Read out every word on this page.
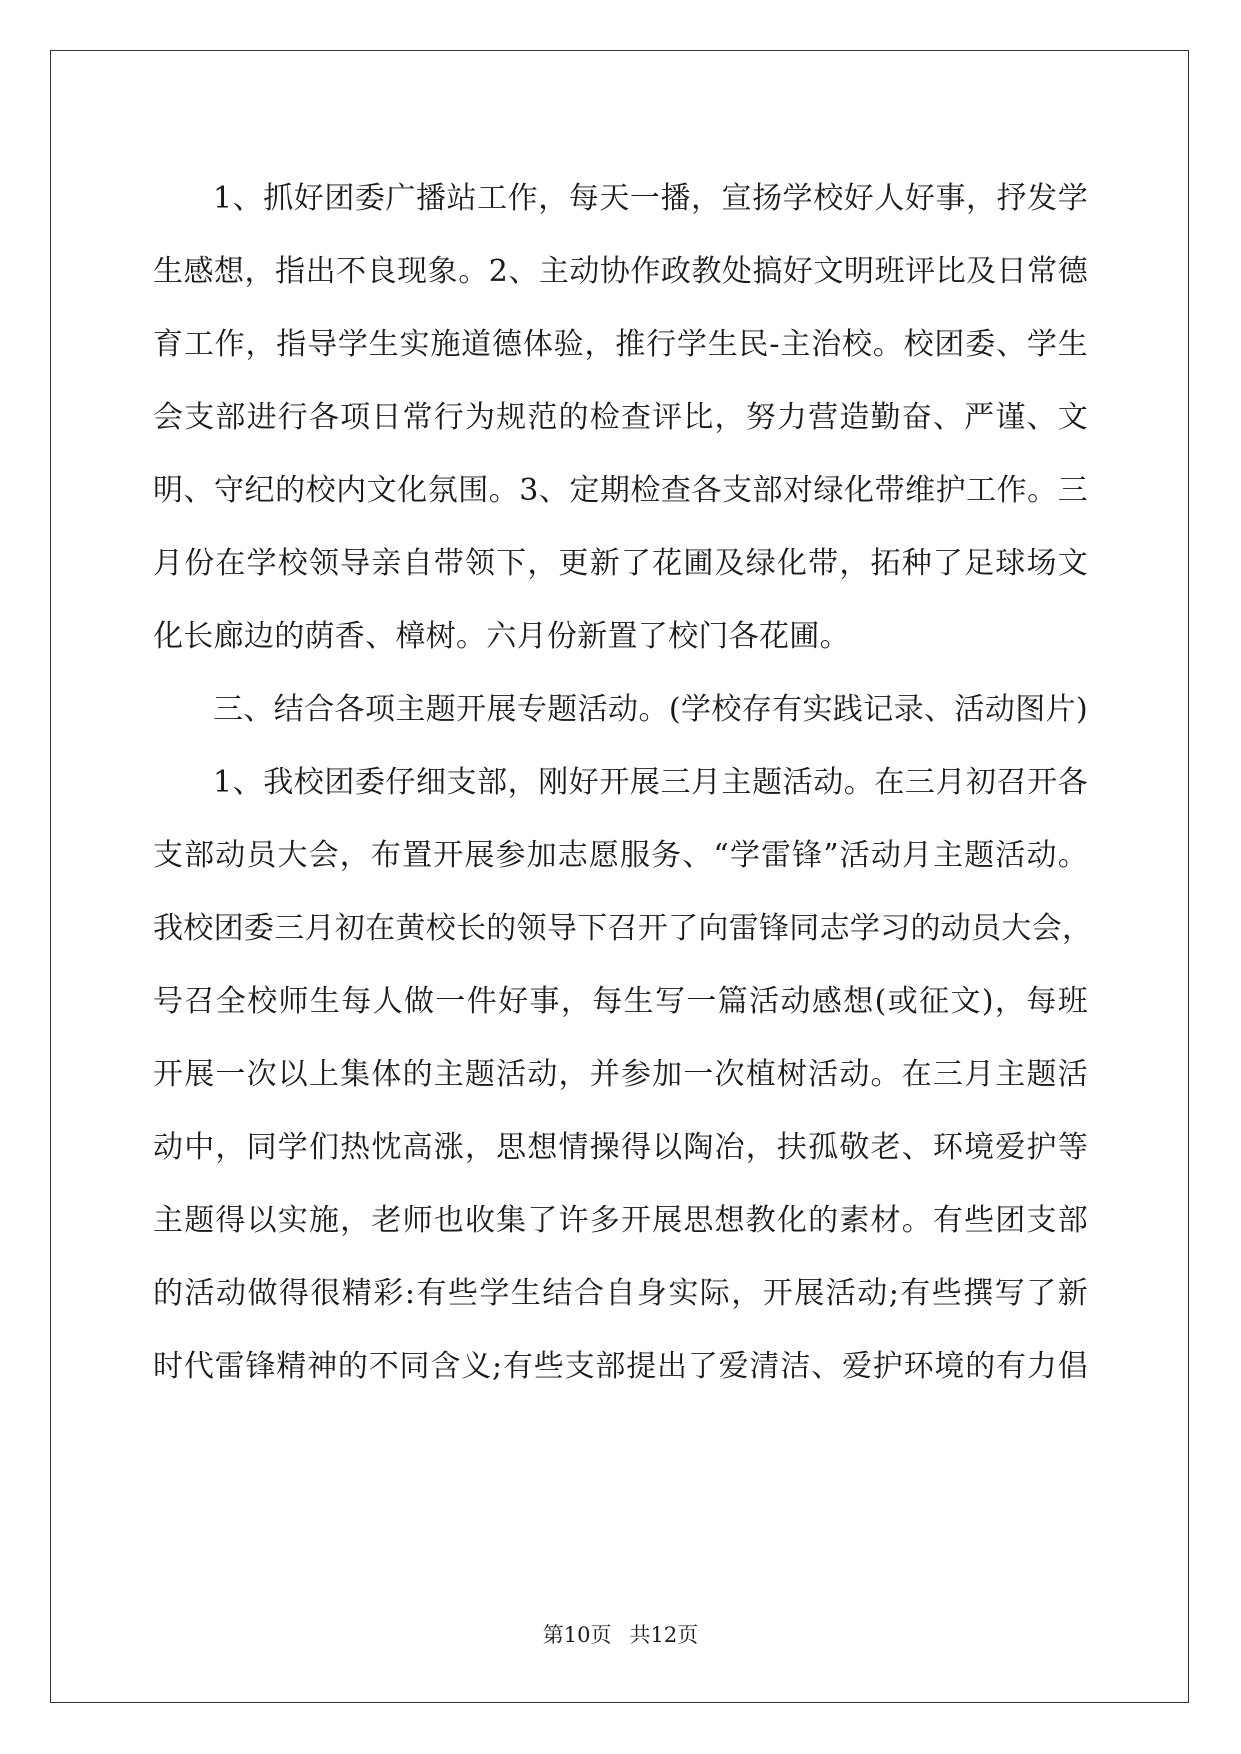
1、抓好团委广播站工作，每天一播，宣扬学校好人好事，抒发学
生感想，指出不良现象。2、主动协作政教处搞好文明班评比及日常德
育工作，指导学生实施道德体验，推行学生民-主治校。校团委、学生
会支部进行各项日常行为规范的检查评比，努力营造勤奋、严谨、文
明、守纪的校内文化氛围。3、定期检查各支部对绿化带维护工作。三
月份在学校领导亲自带领下，更新了花圃及绿化带，拓种了足球场文
化长廊边的荫香、樟树。六月份新置了校门各花圃。
三、结合各项主题开展专题活动。(学校存有实践记录、活动图片)
1、我校团委仔细支部，刚好开展三月主题活动。在三月初召开各
支部动员大会，布置开展参加志愿服务、“学雷锋”活动月主题活动。
我校团委三月初在黄校长的领导下召开了向雷锋同志学习的动员大会，
号召全校师生每人做一件好事，每生写一篇活动感想(或征文)，每班
开展一次以上集体的主题活动，并参加一次植树活动。在三月主题活
动中，同学们热忱高涨，思想情操得以陶冶，扶孤敬老、环境爱护等
主题得以实施，老师也收集了许多开展思想教化的素材。有些团支部
的活动做得很精彩:有些学生结合自身实际，开展活动;有些撰写了新
时代雷锋精神的不同含义;有些支部提出了爱清洁、爱护环境的有力倡
第10页 共12页
